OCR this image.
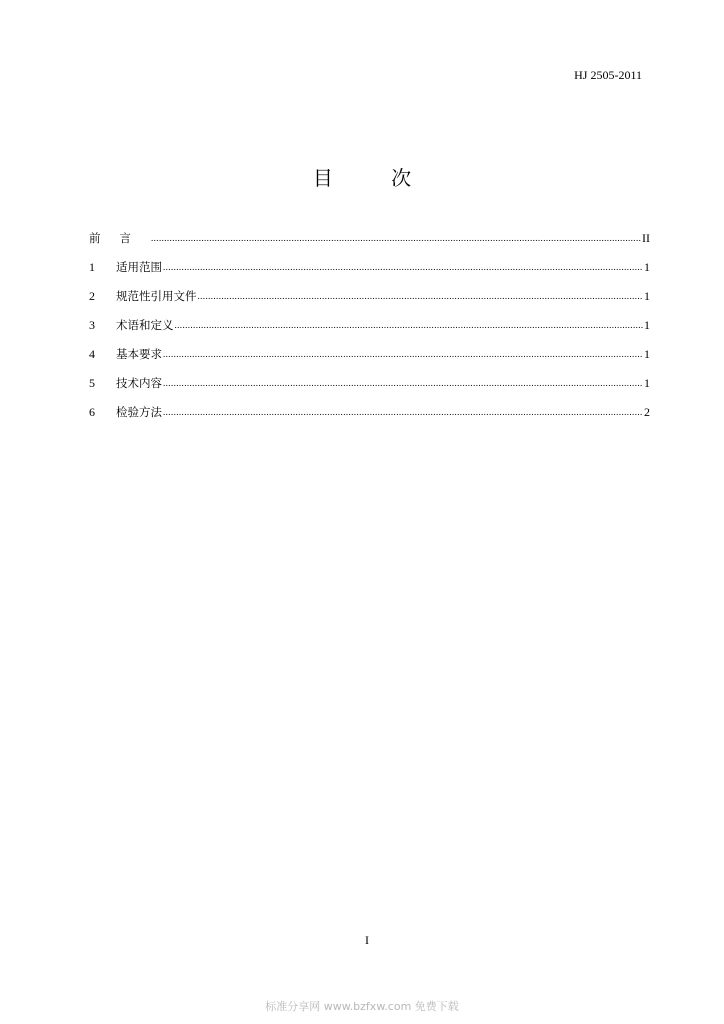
HJ 2505-2011
目 次
前言 .....	II
1	适用范围 .....	1
2	规范性引用文件 .....	1
3	术语和定义 .....	1
4	基本要求 .....	1
5	技术内容 .....	1
6	检验方法 .....	2
I
标准分享网 www.bzfxw.com 免费下载
